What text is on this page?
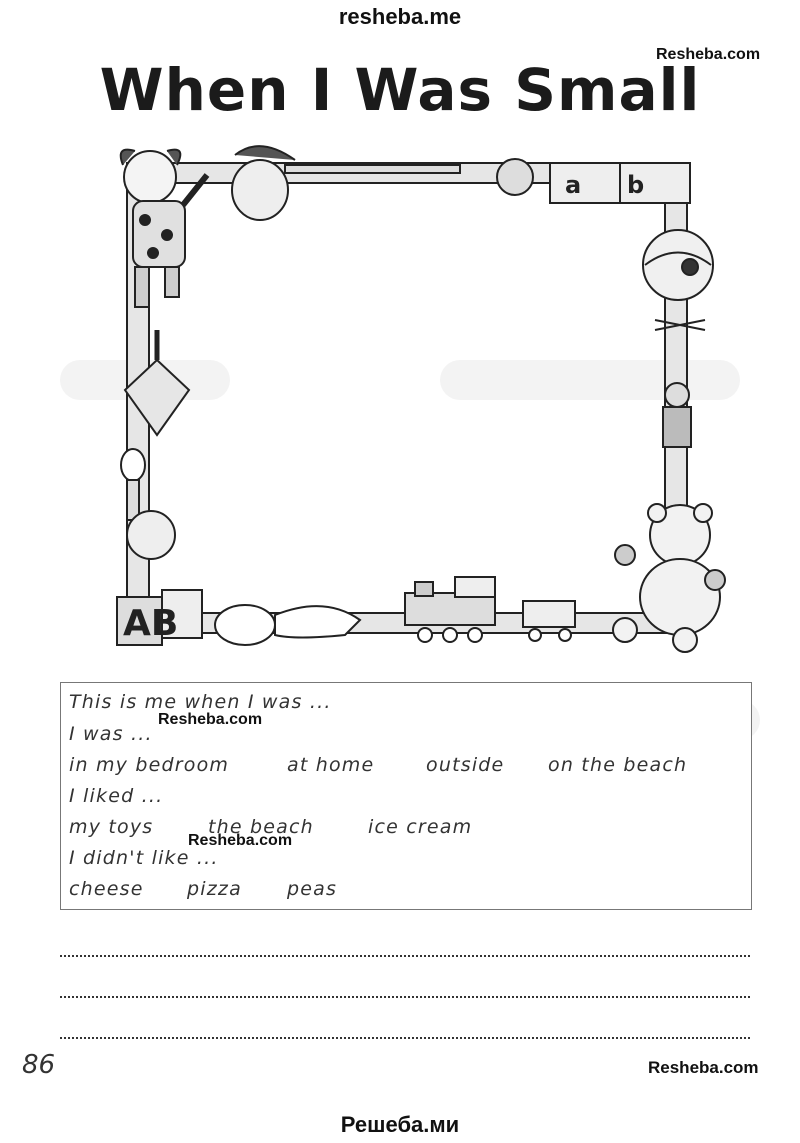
resheba.me
Resheba.com
When I Was Small
a b
AB
This is me when I was ...
I was ...
in my bedroom	at home	outside on the beach
I liked ...
my toys	the beach	ice cream
I didn't like ...
cheese pizza peas
Resheba.com
Resheba.com
86	Resheba.com
Решеба.ми
